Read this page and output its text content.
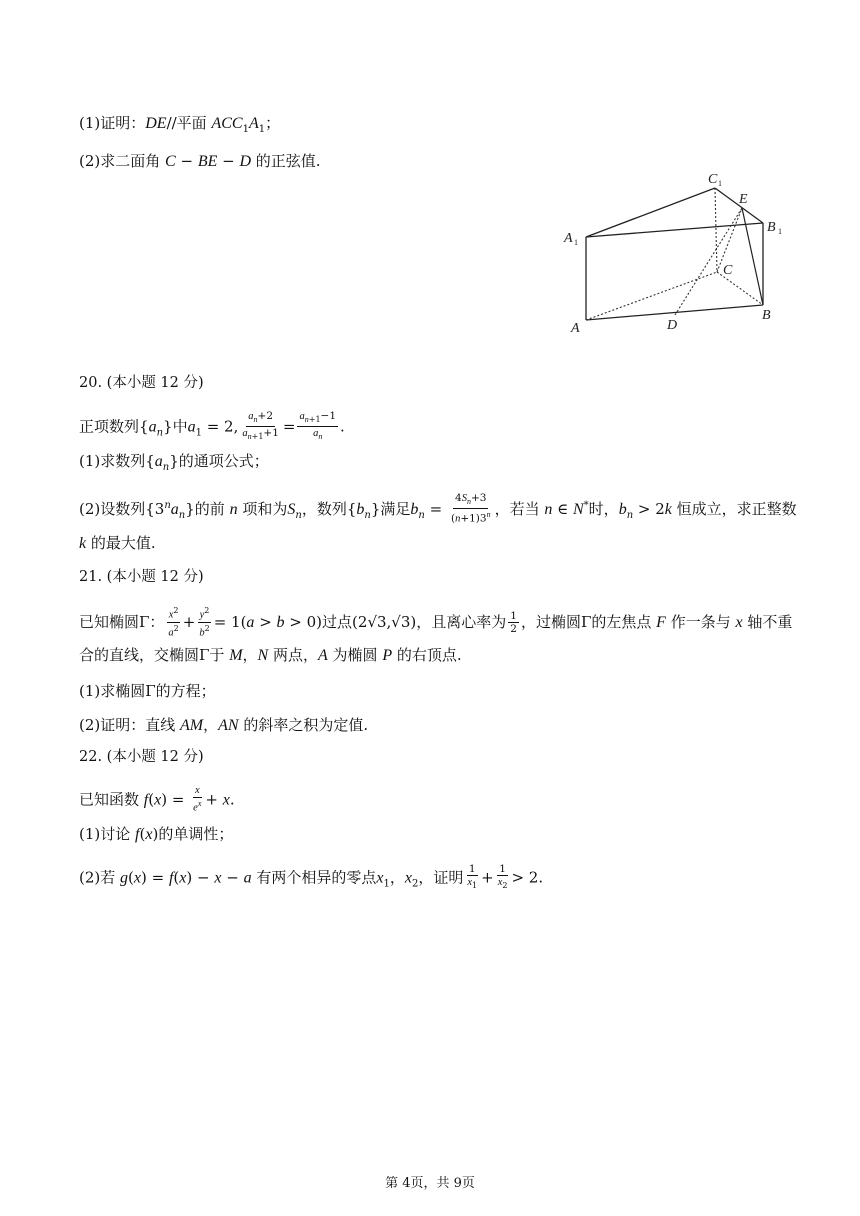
(1)证明：DE//平面 $ACC_1A_1$；
(2)求二面角 C − BE − D 的正弦值.
C 1
E
B 1
A 1
C
A	D
B
20. (本小题 12 分)
正项数列$\{a_n\}$中$a_1 = 2$, $\frac{a_n+2}{a_{n+1}+1} = \frac{a_{n+1}-1}{a_n}$ .
(1)求数列$\{a_n\}$的通项公式；
(2)设数列$\{3^na_n\}$的前 n 项和为$S_n$，数列$\{b_n\}$满足$b_n = \frac{4S_n+3}{(n+1)3^n}$ ，若当 n ∈ N*时，$b_n > 2k$ 恒成立，求正整数
k 的最大值.
21. (本小题 12 分)
已知椭圆Γ： $\frac{x^2}{a^2} + \frac{y^2}{b^2} = 1(a > b > 0)$过点(2√3,√3)，且离心率为 $\frac{1}{2}$ ，过椭圆Γ的左焦点 F 作一条与 x 轴不重
合的直线，交椭圆Γ于 M，N 两点，A 为椭圆 P 的右顶点.
(1)求椭圆Γ的方程；
(2)证明：直线 AM，AN 的斜率之积为定值.
22. (本小题 12 分)
已知函数 $f(x) = \frac{x}{e^x} + x$.
(1)讨论 f(x)的单调性；
(2)若 g(x) = f(x) − x − a 有两个相异的零点$x_1$，$x_2$，证明 $\frac{1}{x_1} + \frac{1}{x_2} > 2$.
第 4页，共 9页
